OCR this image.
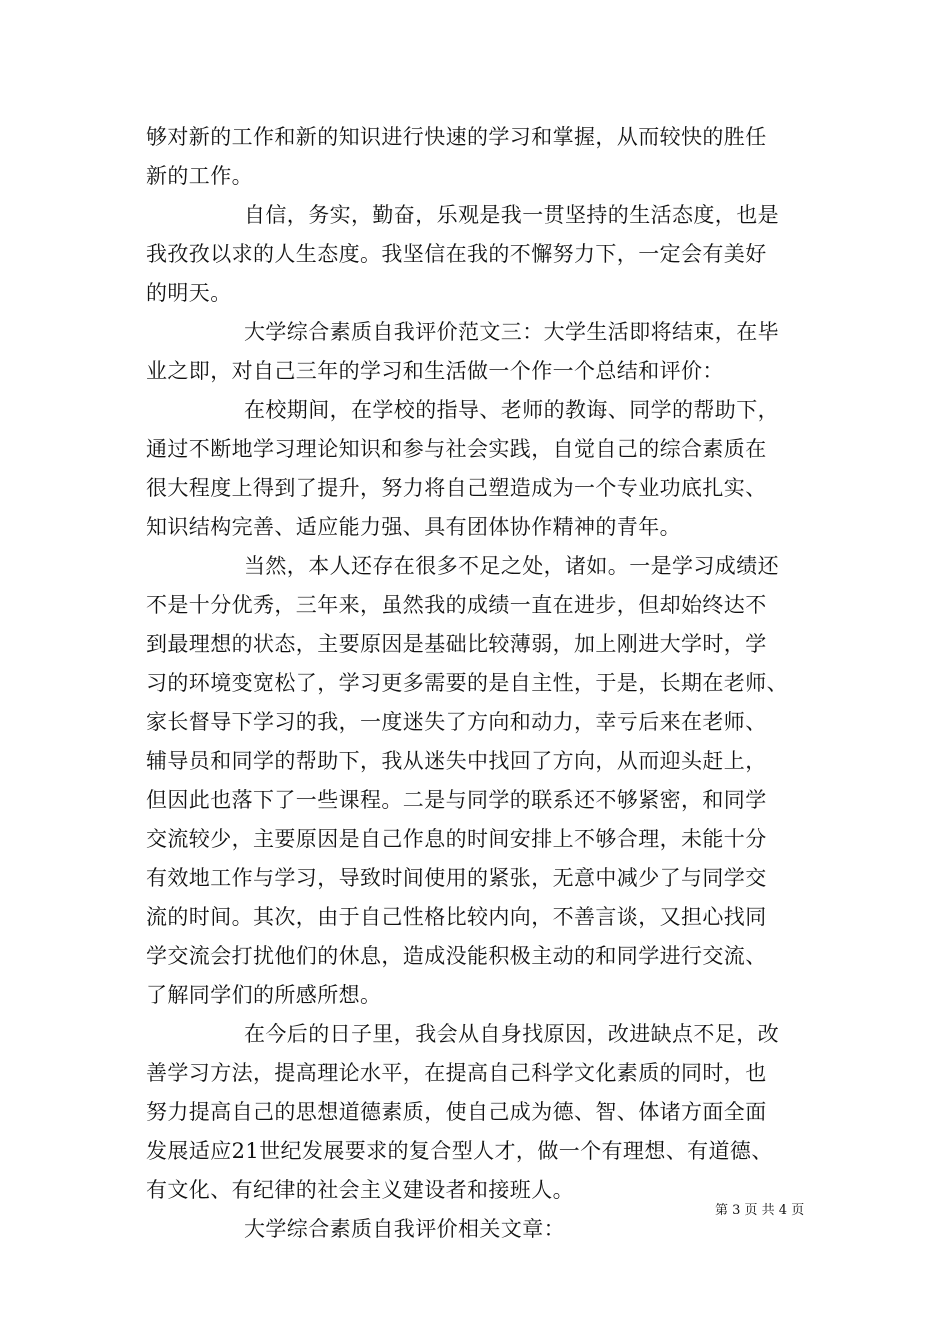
够对新的工作和新的知识进行快速的学习和掌握，从而较快的胜任
新的工作。
自信，务实，勤奋，乐观是我一贯坚持的生活态度，也是
我孜孜以求的人生态度。我坚信在我的不懈努力下，一定会有美好
的明天。
大学综合素质自我评价范文三：大学生活即将结束，在毕
业之即，对自己三年的学习和生活做一个作一个总结和评价：
在校期间，在学校的指导、老师的教诲、同学的帮助下，
通过不断地学习理论知识和参与社会实践，自觉自己的综合素质在
很大程度上得到了提升，努力将自己塑造成为一个专业功底扎实、
知识结构完善、适应能力强、具有团体协作精神的青年。
当然，本人还存在很多不足之处，诸如。一是学习成绩还
不是十分优秀，三年来，虽然我的成绩一直在进步，但却始终达不
到最理想的状态，主要原因是基础比较薄弱，加上刚进大学时，学
习的环境变宽松了，学习更多需要的是自主性，于是，长期在老师、
家长督导下学习的我，一度迷失了方向和动力，幸亏后来在老师、
辅导员和同学的帮助下，我从迷失中找回了方向，从而迎头赶上，
但因此也落下了一些课程。二是与同学的联系还不够紧密，和同学
交流较少，主要原因是自己作息的时间安排上不够合理，未能十分
有效地工作与学习，导致时间使用的紧张，无意中减少了与同学交
流的时间。其次，由于自己性格比较内向，不善言谈，又担心找同
学交流会打扰他们的休息，造成没能积极主动的和同学进行交流、
了解同学们的所感所想。
在今后的日子里，我会从自身找原因，改进缺点不足，改
善学习方法，提高理论水平，在提高自己科学文化素质的同时，也
努力提高自己的思想道德素质，使自己成为德、智、体诸方面全面
发展适应21世纪发展要求的复合型人才，做一个有理想、有道德、
有文化、有纪律的社会主义建设者和接班人。
大学综合素质自我评价相关文章：
第 3 页 共 4 页
